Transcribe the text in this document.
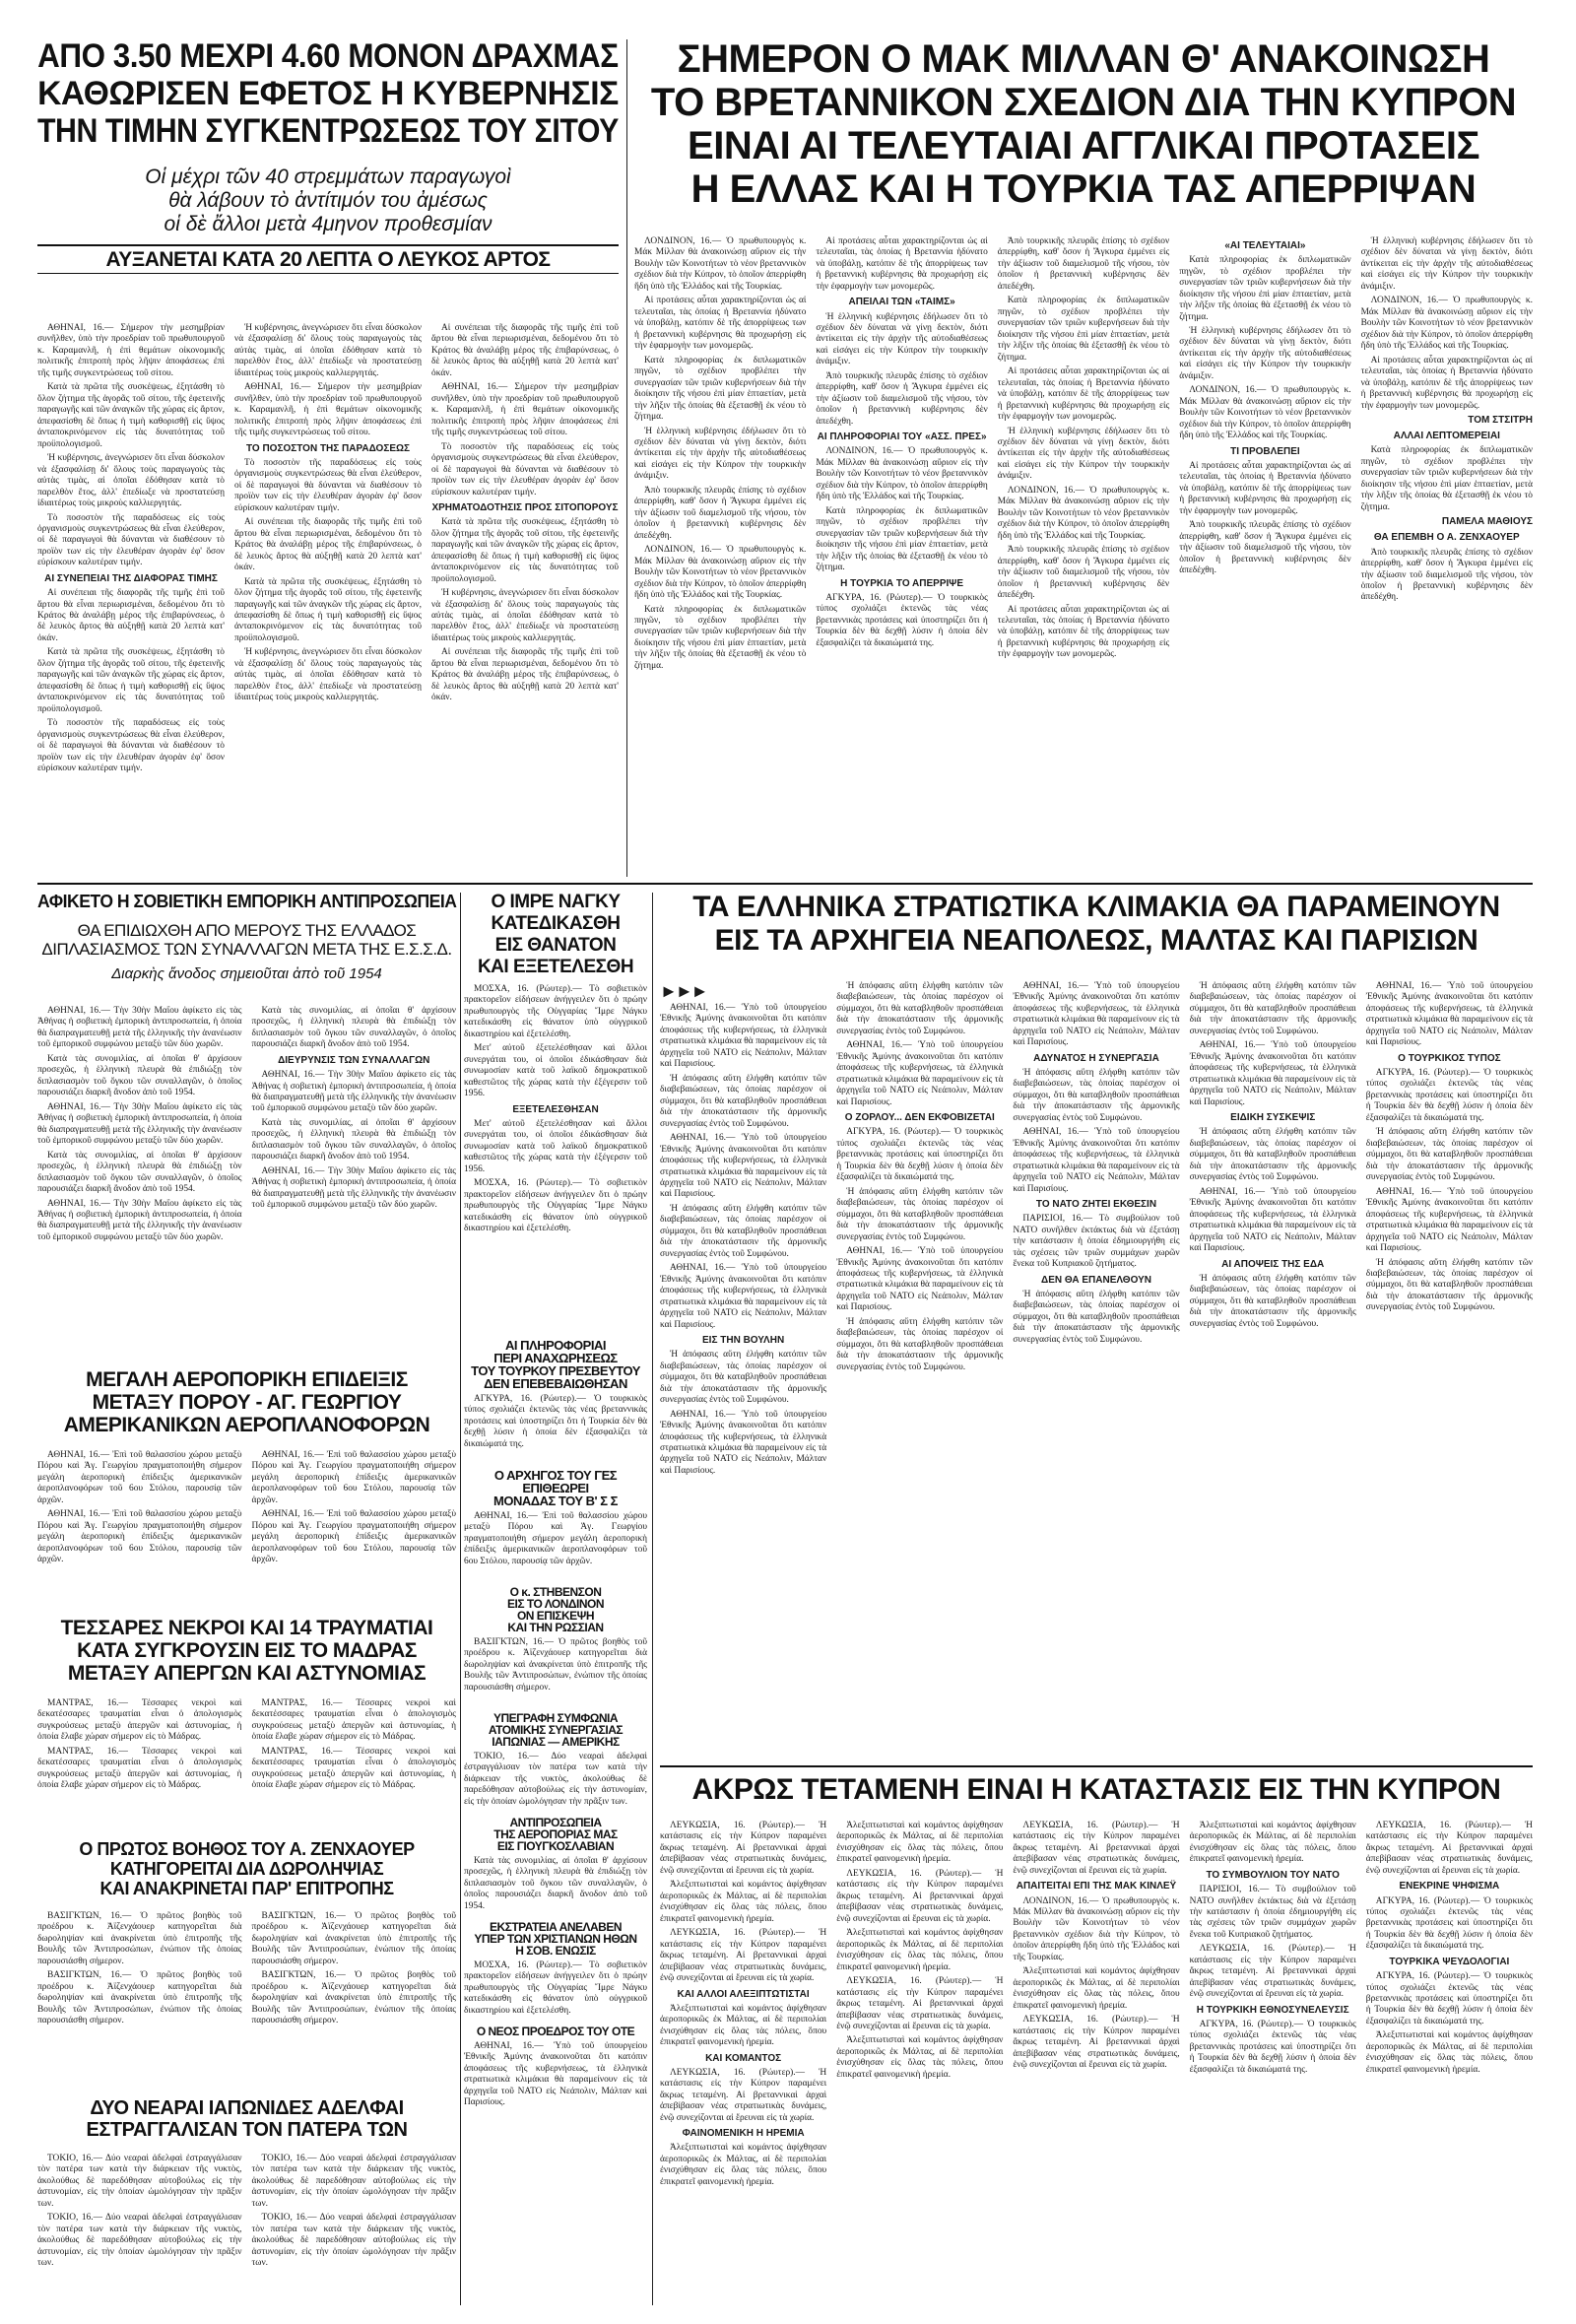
ΑΠΟ 3.50 ΜΕΧΡΙ 4.60 ΜΟΝΟΝ ΔΡΑΧΜΑΣ
ΚΑΘΩΡΙΣΕΝ ΕΦΕΤΟΣ Η ΚΥΒΕΡΝΗΣΙΣ
ΤΗΝ ΤΙΜΗΝ ΣΥΓΚΕΝΤΡΩΣΕΩΣ ΤΟΥ ΣΙΤΟΥ
Οἱ μέχρι τῶν 40 στρεμμάτων παραγωγοὶ
θὰ λάβουν τὸ ἀντίτιμόν του ἀμέσως
οἱ δὲ ἄλλοι μετὰ 4μηνον προθεσμίαν
ΑΥΞΑΝΕΤΑΙ ΚΑΤΑ 20 ΛΕΠΤΑ Ο ΛΕΥΚΟΣ ΑΡΤΟΣ

ΑΘΗΝΑΙ, 16.— Σήμερον τὴν μεσημβρίαν συνῆλθεν, ὑπὸ τὴν προεδρίαν τοῦ πρωθυπουργοῦ κ. Καραμανλῆ, ἡ ἐπὶ θεμάτων οἰκονομικῆς πολιτικῆς ἐπιτροπὴ πρὸς λῆψιν ἀποφάσεως ἐπὶ τῆς τιμῆς συγκεντρώσεως τοῦ σίτου.

Κατὰ τὰ πρῶτα τῆς συσκέψεως, ἐξητάσθη τὸ ὅλον ζήτημα τῆς ἀγορᾶς τοῦ σίτου, τῆς ἐφετεινῆς παραγωγῆς καὶ τῶν ἀναγκῶν τῆς χώρας εἰς ἄρτον, ἀπεφασίσθη δὲ ὅπως ἡ τιμὴ καθορισθῇ εἰς ὕψος ἀνταποκρινόμενον εἰς τὰς δυνατότητας τοῦ προϋπολογισμοῦ.

Ἡ κυβέρνησις, ἀνεγνώρισεν ὅτι εἶναι δύσκολον νὰ ἐξασφαλίσῃ δι' ὅλους τοὺς παραγωγοὺς τὰς αὐτὰς τιμὰς, αἱ ὁποῖαι ἐδόθησαν κατὰ τὸ παρελθὸν ἔτος, ἀλλ' ἐπεδίωξε νὰ προστατεύσῃ ἰδιαιτέρως τοὺς μικροὺς καλλιεργητάς.

Τὸ ποσοστὸν τῆς παραδόσεως εἰς τοὺς ὀργανισμοὺς συγκεντρώσεως θὰ εἶναι ἐλεύθερον, οἱ δὲ παραγωγοὶ θὰ δύνανται νὰ διαθέσουν τὸ προϊὸν των εἰς τὴν ἐλευθέραν ἀγορὰν ἐφ' ὅσον εὑρίσκουν καλυτέραν τιμήν.

ΑΙ ΣΥΝΕΠΕΙΑΙ ΤΗΣ ΔΙΑΦΟΡΑΣ ΤΙΜΗΣ

Αἱ συνέπειαι τῆς διαφορᾶς τῆς τιμῆς ἐπὶ τοῦ ἄρτου θὰ εἶναι περιωρισμέναι, δεδομένου ὅτι τὸ Κράτος θὰ ἀναλάβῃ μέρος τῆς ἐπιβαρύνσεως, ὁ δὲ λευκὸς ἄρτος θὰ αὐξηθῇ κατὰ 20 λεπτὰ κατ' ὀκάν.

Κατὰ τὰ πρῶτα τῆς συσκέψεως, ἐξητάσθη τὸ ὅλον ζήτημα τῆς ἀγορᾶς τοῦ σίτου, τῆς ἐφετεινῆς παραγωγῆς καὶ τῶν ἀναγκῶν τῆς χώρας εἰς ἄρτον, ἀπεφασίσθη δὲ ὅπως ἡ τιμὴ καθορισθῇ εἰς ὕψος ἀνταποκρινόμενον εἰς τὰς δυνατότητας τοῦ προϋπολογισμοῦ.

Τὸ ποσοστὸν τῆς παραδόσεως εἰς τοὺς ὀργανισμοὺς συγκεντρώσεως θὰ εἶναι ἐλεύθερον, οἱ δὲ παραγωγοὶ θὰ δύνανται νὰ διαθέσουν τὸ προϊὸν των εἰς τὴν ἐλευθέραν ἀγορὰν ἐφ' ὅσον εὑρίσκουν καλυτέραν τιμήν.

Ἡ κυβέρνησις, ἀνεγνώρισεν ὅτι εἶναι δύσκολον νὰ ἐξασφαλίσῃ δι' ὅλους τοὺς παραγωγοὺς τὰς αὐτὰς τιμὰς, αἱ ὁποῖαι ἐδόθησαν κατὰ τὸ παρελθὸν ἔτος, ἀλλ' ἐπεδίωξε νὰ προστατεύσῃ ἰδιαιτέρως τοὺς μικροὺς καλλιεργητάς.

ΑΘΗΝΑΙ, 16.— Σήμερον τὴν μεσημβρίαν συνῆλθεν, ὑπὸ τὴν προεδρίαν τοῦ πρωθυπουργοῦ κ. Καραμανλῆ, ἡ ἐπὶ θεμάτων οἰκονομικῆς πολιτικῆς ἐπιτροπὴ πρὸς λῆψιν ἀποφάσεως ἐπὶ τῆς τιμῆς συγκεντρώσεως τοῦ σίτου.

ΤΟ ΠΟΣΟΣΤΟΝ ΤΗΣ ΠΑΡΑΔΟΣΕΩΣ

Τὸ ποσοστὸν τῆς παραδόσεως εἰς τοὺς ὀργανισμοὺς συγκεντρώσεως θὰ εἶναι ἐλεύθερον, οἱ δὲ παραγωγοὶ θὰ δύνανται νὰ διαθέσουν τὸ προϊὸν των εἰς τὴν ἐλευθέραν ἀγορὰν ἐφ' ὅσον εὑρίσκουν καλυτέραν τιμήν.

Αἱ συνέπειαι τῆς διαφορᾶς τῆς τιμῆς ἐπὶ τοῦ ἄρτου θὰ εἶναι περιωρισμέναι, δεδομένου ὅτι τὸ Κράτος θὰ ἀναλάβῃ μέρος τῆς ἐπιβαρύνσεως, ὁ δὲ λευκὸς ἄρτος θὰ αὐξηθῇ κατὰ 20 λεπτὰ κατ' ὀκάν.

Κατὰ τὰ πρῶτα τῆς συσκέψεως, ἐξητάσθη τὸ ὅλον ζήτημα τῆς ἀγορᾶς τοῦ σίτου, τῆς ἐφετεινῆς παραγωγῆς καὶ τῶν ἀναγκῶν τῆς χώρας εἰς ἄρτον, ἀπεφασίσθη δὲ ὅπως ἡ τιμὴ καθορισθῇ εἰς ὕψος ἀνταποκρινόμενον εἰς τὰς δυνατότητας τοῦ προϋπολογισμοῦ.

Ἡ κυβέρνησις, ἀνεγνώρισεν ὅτι εἶναι δύσκολον νὰ ἐξασφαλίσῃ δι' ὅλους τοὺς παραγωγοὺς τὰς αὐτὰς τιμὰς, αἱ ὁποῖαι ἐδόθησαν κατὰ τὸ παρελθὸν ἔτος, ἀλλ' ἐπεδίωξε νὰ προστατεύσῃ ἰδιαιτέρως τοὺς μικροὺς καλλιεργητάς.

Αἱ συνέπειαι τῆς διαφορᾶς τῆς τιμῆς ἐπὶ τοῦ ἄρτου θὰ εἶναι περιωρισμέναι, δεδομένου ὅτι τὸ Κράτος θὰ ἀναλάβῃ μέρος τῆς ἐπιβαρύνσεως, ὁ δὲ λευκὸς ἄρτος θὰ αὐξηθῇ κατὰ 20 λεπτὰ κατ' ὀκάν.

ΑΘΗΝΑΙ, 16.— Σήμερον τὴν μεσημβρίαν συνῆλθεν, ὑπὸ τὴν προεδρίαν τοῦ πρωθυπουργοῦ κ. Καραμανλῆ, ἡ ἐπὶ θεμάτων οἰκονομικῆς πολιτικῆς ἐπιτροπὴ πρὸς λῆψιν ἀποφάσεως ἐπὶ τῆς τιμῆς συγκεντρώσεως τοῦ σίτου.

Τὸ ποσοστὸν τῆς παραδόσεως εἰς τοὺς ὀργανισμοὺς συγκεντρώσεως θὰ εἶναι ἐλεύθερον, οἱ δὲ παραγωγοὶ θὰ δύνανται νὰ διαθέσουν τὸ προϊὸν των εἰς τὴν ἐλευθέραν ἀγορὰν ἐφ' ὅσον εὑρίσκουν καλυτέραν τιμήν.

ΧΡΗΜΑΤΟΔΟΤΗΣΙΣ ΠΡΟΣ ΣΙΤΟΠΟΡΟΥΣ

Κατὰ τὰ πρῶτα τῆς συσκέψεως, ἐξητάσθη τὸ ὅλον ζήτημα τῆς ἀγορᾶς τοῦ σίτου, τῆς ἐφετεινῆς παραγωγῆς καὶ τῶν ἀναγκῶν τῆς χώρας εἰς ἄρτον, ἀπεφασίσθη δὲ ὅπως ἡ τιμὴ καθορισθῇ εἰς ὕψος ἀνταποκρινόμενον εἰς τὰς δυνατότητας τοῦ προϋπολογισμοῦ.

Ἡ κυβέρνησις, ἀνεγνώρισεν ὅτι εἶναι δύσκολον νὰ ἐξασφαλίσῃ δι' ὅλους τοὺς παραγωγοὺς τὰς αὐτὰς τιμὰς, αἱ ὁποῖαι ἐδόθησαν κατὰ τὸ παρελθὸν ἔτος, ἀλλ' ἐπεδίωξε νὰ προστατεύσῃ ἰδιαιτέρως τοὺς μικροὺς καλλιεργητάς.

Αἱ συνέπειαι τῆς διαφορᾶς τῆς τιμῆς ἐπὶ τοῦ ἄρτου θὰ εἶναι περιωρισμέναι, δεδομένου ὅτι τὸ Κράτος θὰ ἀναλάβῃ μέρος τῆς ἐπιβαρύνσεως, ὁ δὲ λευκὸς ἄρτος θὰ αὐξηθῇ κατὰ 20 λεπτὰ κατ' ὀκάν.

ΣΗΜΕΡΟΝ Ο ΜΑΚ ΜΙΛΛΑΝ Θ' ΑΝΑΚΟΙΝΩΣΗ
ΤΟ ΒΡΕΤΑΝΝΙΚΟΝ ΣΧΕΔΙΟΝ ΔΙΑ ΤΗΝ ΚΥΠΡΟΝ
ΕΙΝΑΙ ΑΙ ΤΕΛΕΥΤΑΙΑΙ ΑΓΓΛΙΚΑΙ ΠΡΟΤΑΣΕΙΣ
Η ΕΛΛΑΣ ΚΑΙ Η ΤΟΥΡΚΙΑ ΤΑΣ ΑΠΕΡΡΙΨΑΝ

ΛΟΝΔΙΝΟΝ, 16.— Ὁ πρωθυπουργὸς κ. Μάκ Μίλλαν θὰ ἀνακοινώσῃ αὔριον εἰς τὴν Βουλὴν τῶν Κοινοτήτων τὸ νέον βρεταννικὸν σχέδιον διὰ τὴν Κύπρον, τὸ ὁποῖον ἀπερρίφθη ἤδη ὑπὸ τῆς Ἑλλάδος καὶ τῆς Τουρκίας.

Αἱ προτάσεις αὗται χαρακτηρίζονται ὡς αἱ τελευταῖαι, τὰς ὁποίας ἡ Βρεταννία ἠδύνατο νὰ ὑποβάλῃ, κατόπιν δὲ τῆς ἀπορρίψεως των ἡ βρεταννικὴ κυβέρνησις θὰ προχωρήσῃ εἰς τὴν ἐφαρμογὴν των μονομερῶς.

Κατὰ πληροφορίας ἐκ διπλωματικῶν πηγῶν, τὸ σχέδιον προβλέπει τὴν συνεργασίαν τῶν τριῶν κυβερνήσεων διὰ τὴν διοίκησιν τῆς νήσου ἐπὶ μίαν ἑπταετίαν, μετὰ τὴν λῆξιν τῆς ὁποίας θὰ ἐξετασθῇ ἐκ νέου τὸ ζήτημα.

Ἡ ἑλληνικὴ κυβέρνησις ἐδήλωσεν ὅτι τὸ σχέδιον δὲν δύναται νὰ γίνῃ δεκτὸν, διότι ἀντίκειται εἰς τὴν ἀρχὴν τῆς αὐτοδιαθέσεως καὶ εἰσάγει εἰς τὴν Κύπρον τὴν τουρκικὴν ἀνάμιξιν.

Ἀπὸ τουρκικῆς πλευρᾶς ἐπίσης τὸ σχέδιον ἀπερρίφθη, καθ' ὅσον ἡ Ἄγκυρα ἐμμένει εἰς τὴν ἀξίωσιν τοῦ διαμελισμοῦ τῆς νήσου, τὸν ὁποῖον ἡ βρεταννικὴ κυβέρνησις δὲν ἀπεδέχθη.

ΛΟΝΔΙΝΟΝ, 16.— Ὁ πρωθυπουργὸς κ. Μάκ Μίλλαν θὰ ἀνακοινώσῃ αὔριον εἰς τὴν Βουλὴν τῶν Κοινοτήτων τὸ νέον βρεταννικὸν σχέδιον διὰ τὴν Κύπρον, τὸ ὁποῖον ἀπερρίφθη ἤδη ὑπὸ τῆς Ἑλλάδος καὶ τῆς Τουρκίας.

Κατὰ πληροφορίας ἐκ διπλωματικῶν πηγῶν, τὸ σχέδιον προβλέπει τὴν συνεργασίαν τῶν τριῶν κυβερνήσεων διὰ τὴν διοίκησιν τῆς νήσου ἐπὶ μίαν ἑπταετίαν, μετὰ τὴν λῆξιν τῆς ὁποίας θὰ ἐξετασθῇ ἐκ νέου τὸ ζήτημα.

Αἱ προτάσεις αὗται χαρακτηρίζονται ὡς αἱ τελευταῖαι, τὰς ὁποίας ἡ Βρεταννία ἠδύνατο νὰ ὑποβάλῃ, κατόπιν δὲ τῆς ἀπορρίψεως των ἡ βρεταννικὴ κυβέρνησις θὰ προχωρήσῃ εἰς τὴν ἐφαρμογὴν των μονομερῶς.

ΑΠΕΙΛΑΙ ΤΩΝ «ΤΑΙΜΣ»

Ἡ ἑλληνικὴ κυβέρνησις ἐδήλωσεν ὅτι τὸ σχέδιον δὲν δύναται νὰ γίνῃ δεκτὸν, διότι ἀντίκειται εἰς τὴν ἀρχὴν τῆς αὐτοδιαθέσεως καὶ εἰσάγει εἰς τὴν Κύπρον τὴν τουρκικὴν ἀνάμιξιν.

Ἀπὸ τουρκικῆς πλευρᾶς ἐπίσης τὸ σχέδιον ἀπερρίφθη, καθ' ὅσον ἡ Ἄγκυρα ἐμμένει εἰς τὴν ἀξίωσιν τοῦ διαμελισμοῦ τῆς νήσου, τὸν ὁποῖον ἡ βρεταννικὴ κυβέρνησις δὲν ἀπεδέχθη.

ΑΙ ΠΛΗΡΟΦΟΡΙΑΙ ΤΟΥ «ΑΣΣ. ΠΡΕΣ»

ΛΟΝΔΙΝΟΝ, 16.— Ὁ πρωθυπουργὸς κ. Μάκ Μίλλαν θὰ ἀνακοινώσῃ αὔριον εἰς τὴν Βουλὴν τῶν Κοινοτήτων τὸ νέον βρεταννικὸν σχέδιον διὰ τὴν Κύπρον, τὸ ὁποῖον ἀπερρίφθη ἤδη ὑπὸ τῆς Ἑλλάδος καὶ τῆς Τουρκίας.

Κατὰ πληροφορίας ἐκ διπλωματικῶν πηγῶν, τὸ σχέδιον προβλέπει τὴν συνεργασίαν τῶν τριῶν κυβερνήσεων διὰ τὴν διοίκησιν τῆς νήσου ἐπὶ μίαν ἑπταετίαν, μετὰ τὴν λῆξιν τῆς ὁποίας θὰ ἐξετασθῇ ἐκ νέου τὸ ζήτημα.

Η ΤΟΥΡΚΙΑ ΤΟ ΑΠΕΡΡΙΨΕ

ΑΓΚΥΡΑ, 16. (Ρώυτερ).— Ὁ τουρκικὸς τύπος σχολιάζει ἐκτενῶς τὰς νέας βρεταννικὰς προτάσεις καὶ ὑποστηρίζει ὅτι ἡ Τουρκία δὲν θὰ δεχθῇ λύσιν ἡ ὁποία δὲν ἐξασφαλίζει τὰ δικαιώματά της.

Ἀπὸ τουρκικῆς πλευρᾶς ἐπίσης τὸ σχέδιον ἀπερρίφθη, καθ' ὅσον ἡ Ἄγκυρα ἐμμένει εἰς τὴν ἀξίωσιν τοῦ διαμελισμοῦ τῆς νήσου, τὸν ὁποῖον ἡ βρεταννικὴ κυβέρνησις δὲν ἀπεδέχθη.

Κατὰ πληροφορίας ἐκ διπλωματικῶν πηγῶν, τὸ σχέδιον προβλέπει τὴν συνεργασίαν τῶν τριῶν κυβερνήσεων διὰ τὴν διοίκησιν τῆς νήσου ἐπὶ μίαν ἑπταετίαν, μετὰ τὴν λῆξιν τῆς ὁποίας θὰ ἐξετασθῇ ἐκ νέου τὸ ζήτημα.

Αἱ προτάσεις αὗται χαρακτηρίζονται ὡς αἱ τελευταῖαι, τὰς ὁποίας ἡ Βρεταννία ἠδύνατο νὰ ὑποβάλῃ, κατόπιν δὲ τῆς ἀπορρίψεως των ἡ βρεταννικὴ κυβέρνησις θὰ προχωρήσῃ εἰς τὴν ἐφαρμογὴν των μονομερῶς.

Ἡ ἑλληνικὴ κυβέρνησις ἐδήλωσεν ὅτι τὸ σχέδιον δὲν δύναται νὰ γίνῃ δεκτὸν, διότι ἀντίκειται εἰς τὴν ἀρχὴν τῆς αὐτοδιαθέσεως καὶ εἰσάγει εἰς τὴν Κύπρον τὴν τουρκικὴν ἀνάμιξιν.

ΛΟΝΔΙΝΟΝ, 16.— Ὁ πρωθυπουργὸς κ. Μάκ Μίλλαν θὰ ἀνακοινώσῃ αὔριον εἰς τὴν Βουλὴν τῶν Κοινοτήτων τὸ νέον βρεταννικὸν σχέδιον διὰ τὴν Κύπρον, τὸ ὁποῖον ἀπερρίφθη ἤδη ὑπὸ τῆς Ἑλλάδος καὶ τῆς Τουρκίας.

Ἀπὸ τουρκικῆς πλευρᾶς ἐπίσης τὸ σχέδιον ἀπερρίφθη, καθ' ὅσον ἡ Ἄγκυρα ἐμμένει εἰς τὴν ἀξίωσιν τοῦ διαμελισμοῦ τῆς νήσου, τὸν ὁποῖον ἡ βρεταννικὴ κυβέρνησις δὲν ἀπεδέχθη.

Αἱ προτάσεις αὗται χαρακτηρίζονται ὡς αἱ τελευταῖαι, τὰς ὁποίας ἡ Βρεταννία ἠδύνατο νὰ ὑποβάλῃ, κατόπιν δὲ τῆς ἀπορρίψεως των ἡ βρεταννικὴ κυβέρνησις θὰ προχωρήσῃ εἰς τὴν ἐφαρμογὴν των μονομερῶς.

«ΑΙ ΤΕΛΕΥΤΑΙΑΙ»

Κατὰ πληροφορίας ἐκ διπλωματικῶν πηγῶν, τὸ σχέδιον προβλέπει τὴν συνεργασίαν τῶν τριῶν κυβερνήσεων διὰ τὴν διοίκησιν τῆς νήσου ἐπὶ μίαν ἑπταετίαν, μετὰ τὴν λῆξιν τῆς ὁποίας θὰ ἐξετασθῇ ἐκ νέου τὸ ζήτημα.

Ἡ ἑλληνικὴ κυβέρνησις ἐδήλωσεν ὅτι τὸ σχέδιον δὲν δύναται νὰ γίνῃ δεκτὸν, διότι ἀντίκειται εἰς τὴν ἀρχὴν τῆς αὐτοδιαθέσεως καὶ εἰσάγει εἰς τὴν Κύπρον τὴν τουρκικὴν ἀνάμιξιν.

ΛΟΝΔΙΝΟΝ, 16.— Ὁ πρωθυπουργὸς κ. Μάκ Μίλλαν θὰ ἀνακοινώσῃ αὔριον εἰς τὴν Βουλὴν τῶν Κοινοτήτων τὸ νέον βρεταννικὸν σχέδιον διὰ τὴν Κύπρον, τὸ ὁποῖον ἀπερρίφθη ἤδη ὑπὸ τῆς Ἑλλάδος καὶ τῆς Τουρκίας.

ΤΙ ΠΡΟΒΛΕΠΕΙ

Αἱ προτάσεις αὗται χαρακτηρίζονται ὡς αἱ τελευταῖαι, τὰς ὁποίας ἡ Βρεταννία ἠδύνατο νὰ ὑποβάλῃ, κατόπιν δὲ τῆς ἀπορρίψεως των ἡ βρεταννικὴ κυβέρνησις θὰ προχωρήσῃ εἰς τὴν ἐφαρμογὴν των μονομερῶς.

Ἀπὸ τουρκικῆς πλευρᾶς ἐπίσης τὸ σχέδιον ἀπερρίφθη, καθ' ὅσον ἡ Ἄγκυρα ἐμμένει εἰς τὴν ἀξίωσιν τοῦ διαμελισμοῦ τῆς νήσου, τὸν ὁποῖον ἡ βρεταννικὴ κυβέρνησις δὲν ἀπεδέχθη.

Ἡ ἑλληνικὴ κυβέρνησις ἐδήλωσεν ὅτι τὸ σχέδιον δὲν δύναται νὰ γίνῃ δεκτὸν, διότι ἀντίκειται εἰς τὴν ἀρχὴν τῆς αὐτοδιαθέσεως καὶ εἰσάγει εἰς τὴν Κύπρον τὴν τουρκικὴν ἀνάμιξιν.

ΛΟΝΔΙΝΟΝ, 16.— Ὁ πρωθυπουργὸς κ. Μάκ Μίλλαν θὰ ἀνακοινώσῃ αὔριον εἰς τὴν Βουλὴν τῶν Κοινοτήτων τὸ νέον βρεταννικὸν σχέδιον διὰ τὴν Κύπρον, τὸ ὁποῖον ἀπερρίφθη ἤδη ὑπὸ τῆς Ἑλλάδος καὶ τῆς Τουρκίας.

Αἱ προτάσεις αὗται χαρακτηρίζονται ὡς αἱ τελευταῖαι, τὰς ὁποίας ἡ Βρεταννία ἠδύνατο νὰ ὑποβάλῃ, κατόπιν δὲ τῆς ἀπορρίψεως των ἡ βρεταννικὴ κυβέρνησις θὰ προχωρήσῃ εἰς τὴν ἐφαρμογὴν των μονομερῶς.

ΤΟΜ ΣΤΣΙΤΡΗ
ΑΛΛΑΙ ΛΕΠΤΟΜΕΡΕΙΑΙ

Κατὰ πληροφορίας ἐκ διπλωματικῶν πηγῶν, τὸ σχέδιον προβλέπει τὴν συνεργασίαν τῶν τριῶν κυβερνήσεων διὰ τὴν διοίκησιν τῆς νήσου ἐπὶ μίαν ἑπταετίαν, μετὰ τὴν λῆξιν τῆς ὁποίας θὰ ἐξετασθῇ ἐκ νέου τὸ ζήτημα.

ΠΑΜΕΛΑ ΜΑΘΙΟΥΣ
ΘΑ ΕΠΕΜΒΗ Ο Α. ΖΕΝΧΑΟΥΕΡ

Ἀπὸ τουρκικῆς πλευρᾶς ἐπίσης τὸ σχέδιον ἀπερρίφθη, καθ' ὅσον ἡ Ἄγκυρα ἐμμένει εἰς τὴν ἀξίωσιν τοῦ διαμελισμοῦ τῆς νήσου, τὸν ὁποῖον ἡ βρεταννικὴ κυβέρνησις δὲν ἀπεδέχθη.

ΑΦΙΚΕΤΟ Η ΣΟΒΙΕΤΙΚΗ ΕΜΠΟΡΙΚΗ ΑΝΤΙΠΡΟΣΩΠΕΙΑ
ΘΑ ΕΠΙΔΙΩΧΘΗ ΑΠΟ ΜΕΡΟΥΣ ΤΗΣ ΕΛΛΑΔΟΣ
ΔΙΠΛΑΣΙΑΣΜΟΣ ΤΩΝ ΣΥΝΑΛΛΑΓΩΝ ΜΕΤΑ ΤΗΣ Ε.Σ.Σ.Δ.
Διαρκὴς ἄνοδος σημειοῦται ἀπὸ τοῦ 1954

ΑΘΗΝΑΙ, 16.— Τὴν 30ὴν Μαΐου ἀφίκετο εἰς τὰς Ἀθήνας ἡ σοβιετικὴ ἐμπορικὴ ἀντιπροσωπεία, ἡ ὁποία θὰ διαπραγματευθῇ μετὰ τῆς ἑλληνικῆς τὴν ἀνανέωσιν τοῦ ἐμπορικοῦ συμφώνου μεταξὺ τῶν δύο χωρῶν.

Κατὰ τὰς συνομιλίας, αἱ ὁποῖαι θ' ἀρχίσουν προσεχῶς, ἡ ἑλληνικὴ πλευρὰ θὰ ἐπιδιώξῃ τὸν διπλασιασμὸν τοῦ ὄγκου τῶν συναλλαγῶν, ὁ ὁποῖος παρουσιάζει διαρκῆ ἄνοδον ἀπὸ τοῦ 1954.

ΑΘΗΝΑΙ, 16.— Τὴν 30ὴν Μαΐου ἀφίκετο εἰς τὰς Ἀθήνας ἡ σοβιετικὴ ἐμπορικὴ ἀντιπροσωπεία, ἡ ὁποία θὰ διαπραγματευθῇ μετὰ τῆς ἑλληνικῆς τὴν ἀνανέωσιν τοῦ ἐμπορικοῦ συμφώνου μεταξὺ τῶν δύο χωρῶν.

Κατὰ τὰς συνομιλίας, αἱ ὁποῖαι θ' ἀρχίσουν προσεχῶς, ἡ ἑλληνικὴ πλευρὰ θὰ ἐπιδιώξῃ τὸν διπλασιασμὸν τοῦ ὄγκου τῶν συναλλαγῶν, ὁ ὁποῖος παρουσιάζει διαρκῆ ἄνοδον ἀπὸ τοῦ 1954.

ΑΘΗΝΑΙ, 16.— Τὴν 30ὴν Μαΐου ἀφίκετο εἰς τὰς Ἀθήνας ἡ σοβιετικὴ ἐμπορικὴ ἀντιπροσωπεία, ἡ ὁποία θὰ διαπραγματευθῇ μετὰ τῆς ἑλληνικῆς τὴν ἀνανέωσιν τοῦ ἐμπορικοῦ συμφώνου μεταξὺ τῶν δύο χωρῶν.

Κατὰ τὰς συνομιλίας, αἱ ὁποῖαι θ' ἀρχίσουν προσεχῶς, ἡ ἑλληνικὴ πλευρὰ θὰ ἐπιδιώξῃ τὸν διπλασιασμὸν τοῦ ὄγκου τῶν συναλλαγῶν, ὁ ὁποῖος παρουσιάζει διαρκῆ ἄνοδον ἀπὸ τοῦ 1954.

ΔΙΕΥΡΥΝΣΙΣ ΤΩΝ ΣΥΝΑΛΛΑΓΩΝ

ΑΘΗΝΑΙ, 16.— Τὴν 30ὴν Μαΐου ἀφίκετο εἰς τὰς Ἀθήνας ἡ σοβιετικὴ ἐμπορικὴ ἀντιπροσωπεία, ἡ ὁποία θὰ διαπραγματευθῇ μετὰ τῆς ἑλληνικῆς τὴν ἀνανέωσιν τοῦ ἐμπορικοῦ συμφώνου μεταξὺ τῶν δύο χωρῶν.

Κατὰ τὰς συνομιλίας, αἱ ὁποῖαι θ' ἀρχίσουν προσεχῶς, ἡ ἑλληνικὴ πλευρὰ θὰ ἐπιδιώξῃ τὸν διπλασιασμὸν τοῦ ὄγκου τῶν συναλλαγῶν, ὁ ὁποῖος παρουσιάζει διαρκῆ ἄνοδον ἀπὸ τοῦ 1954.

ΑΘΗΝΑΙ, 16.— Τὴν 30ὴν Μαΐου ἀφίκετο εἰς τὰς Ἀθήνας ἡ σοβιετικὴ ἐμπορικὴ ἀντιπροσωπεία, ἡ ὁποία θὰ διαπραγματευθῇ μετὰ τῆς ἑλληνικῆς τὴν ἀνανέωσιν τοῦ ἐμπορικοῦ συμφώνου μεταξὺ τῶν δύο χωρῶν.

Ο ΙΜΡΕ ΝΑΓΚΥ
ΚΑΤΕΔΙΚΑΣΘΗ
ΕΙΣ ΘΑΝΑΤΟΝ
ΚΑΙ ΕΞΕΤΕΛΕΣΘΗ

ΜΟΣΧΑ, 16. (Ρώυτερ).— Τὸ σοβιετικὸν πρακτορεῖον εἰδήσεων ἀνήγγειλεν ὅτι ὁ πρώην πρωθυπουργὸς τῆς Οὑγγαρίας Ἴμρε Νάγκυ κατεδικάσθη εἰς θάνατον ὑπὸ οὑγγρικοῦ δικαστηρίου καὶ ἐξετελέσθη.

Μετ' αὐτοῦ ἐξετελέσθησαν καὶ ἄλλοι συνεργάται του, οἱ ὁποῖοι ἐδικάσθησαν διὰ συνωμοσίαν κατὰ τοῦ λαϊκοῦ δημοκρατικοῦ καθεστῶτος τῆς χώρας κατὰ τὴν ἐξέγερσιν τοῦ 1956.

ΕΞΕΤΕΛΕΣΘΗΣΑΝ

Μετ' αὐτοῦ ἐξετελέσθησαν καὶ ἄλλοι συνεργάται του, οἱ ὁποῖοι ἐδικάσθησαν διὰ συνωμοσίαν κατὰ τοῦ λαϊκοῦ δημοκρατικοῦ καθεστῶτος τῆς χώρας κατὰ τὴν ἐξέγερσιν τοῦ 1956.

ΜΟΣΧΑ, 16. (Ρώυτερ).— Τὸ σοβιετικὸν πρακτορεῖον εἰδήσεων ἀνήγγειλεν ὅτι ὁ πρώην πρωθυπουργὸς τῆς Οὑγγαρίας Ἴμρε Νάγκυ κατεδικάσθη εἰς θάνατον ὑπὸ οὑγγρικοῦ δικαστηρίου καὶ ἐξετελέσθη.

ΑΙ ΠΛΗΡΟΦΟΡΙΑΙ
ΠΕΡΙ ΑΝΑΧΩΡΗΣΕΩΣ
ΤΟΥ ΤΟΥΡΚΟΥ ΠΡΕΣΒΕΥΤΟΥ
ΔΕΝ ΕΠΕΒΕΒΑΙΩΘΗΣΑΝ

ΑΓΚΥΡΑ, 16. (Ρώυτερ).— Ὁ τουρκικὸς τύπος σχολιάζει ἐκτενῶς τὰς νέας βρεταννικὰς προτάσεις καὶ ὑποστηρίζει ὅτι ἡ Τουρκία δὲν θὰ δεχθῇ λύσιν ἡ ὁποία δὲν ἐξασφαλίζει τὰ δικαιώματά της.

Ο ΑΡΧΗΓΟΣ ΤΟΥ ΓΕΣ
ΕΠΙΘΕΩΡΕΙ
ΜΟΝΑΔΑΣ ΤΟΥ Β' Σ Σ

ΑΘΗΝΑΙ, 16.— Ἐπὶ τοῦ θαλασσίου χώρου μεταξὺ Πόρου καὶ Ἁγ. Γεωργίου πραγματοποιήθη σήμερον μεγάλη ἀεροπορικὴ ἐπίδειξις ἀμερικανικῶν ἀεροπλανοφόρων τοῦ 6ου Στόλου, παρουσίᾳ τῶν ἀρχῶν.

Ο κ. ΣΤΗΒΕΝΣΟΝ
ΕΙΣ ΤΟ ΛΟΝΔΙΝΟΝ
ΟΝ ΕΠΙΣΚΕΨΗ
ΚΑΙ ΤΗΝ ΡΩΣΣΙΑΝ

ΒΑΣΙΓΚΤΩΝ, 16.— Ὁ πρῶτος βοηθὸς τοῦ προέδρου κ. Ἀϊζενχάουερ κατηγορεῖται διὰ δωροληψίαν καὶ ἀνακρίνεται ὑπὸ ἐπιτροπῆς τῆς Βουλῆς τῶν Ἀντιπροσώπων, ἐνώπιον τῆς ὁποίας παρουσιάσθη σήμερον.

ΥΠΕΓΡΑΦΗ ΣΥΜΦΩΝΙΑ
ΑΤΟΜΙΚΗΣ ΣΥΝΕΡΓΑΣΙΑΣ
ΙΑΠΩΝΙΑΣ — ΑΜΕΡΙΚΗΣ

ΤΟΚΙΟ, 16.— Δύο νεαραὶ ἀδελφαὶ ἐστραγγάλισαν τὸν πατέρα των κατὰ τὴν διάρκειαν τῆς νυκτὸς, ἀκολούθως δὲ παρεδόθησαν αὐτοβούλως εἰς τὴν ἀστυνομίαν, εἰς τὴν ὁποίαν ὡμολόγησαν τὴν πρᾶξιν των.

ΑΝΤΙΠΡΟΣΩΠΕΙΑ
ΤΗΣ ΑΕΡΟΠΟΡΙΑΣ ΜΑΣ
ΕΙΣ ΓΙΟΥΓΚΟΣΛΑΒΙΑΝ

Κατὰ τὰς συνομιλίας, αἱ ὁποῖαι θ' ἀρχίσουν προσεχῶς, ἡ ἑλληνικὴ πλευρὰ θὰ ἐπιδιώξῃ τὸν διπλασιασμὸν τοῦ ὄγκου τῶν συναλλαγῶν, ὁ ὁποῖος παρουσιάζει διαρκῆ ἄνοδον ἀπὸ τοῦ 1954.

ΕΚΣΤΡΑΤΕΙΑ ΑΝΕΛΑΒΕΝ
ΥΠΕΡ ΤΩΝ ΧΡΙΣΤΙΑΝΩΝ ΗΘΩΝ
Η ΣΟΒ. ΕΝΩΣΙΣ

ΜΟΣΧΑ, 16. (Ρώυτερ).— Τὸ σοβιετικὸν πρακτορεῖον εἰδήσεων ἀνήγγειλεν ὅτι ὁ πρώην πρωθυπουργὸς τῆς Οὑγγαρίας Ἴμρε Νάγκυ κατεδικάσθη εἰς θάνατον ὑπὸ οὑγγρικοῦ δικαστηρίου καὶ ἐξετελέσθη.

Ο ΝΕΟΣ ΠΡΟΕΔΡΟΣ ΤΟΥ ΟΤΕ

ΑΘΗΝΑΙ, 16.— Ὑπὸ τοῦ ὑπουργείου Ἐθνικῆς Ἀμύνης ἀνακοινοῦται ὅτι κατόπιν ἀποφάσεως τῆς κυβερνήσεως, τὰ ἑλληνικὰ στρατιωτικὰ κλιμάκια θὰ παραμείνουν εἰς τὰ ἀρχηγεῖα τοῦ ΝΑΤΟ εἰς Νεάπολιν, Μάλταν καὶ Παρισίους.

ΜΕΓΑΛΗ ΑΕΡΟΠΟΡΙΚΗ ΕΠΙΔΕΙΞΙΣ
ΜΕΤΑΞΥ ΠΟΡΟΥ - ΑΓ. ΓΕΩΡΓΙΟΥ
ΑΜΕΡΙΚΑΝΙΚΩΝ ΑΕΡΟΠΛΑΝΟΦΟΡΩΝ

ΑΘΗΝΑΙ, 16.— Ἐπὶ τοῦ θαλασσίου χώρου μεταξὺ Πόρου καὶ Ἁγ. Γεωργίου πραγματοποιήθη σήμερον μεγάλη ἀεροπορικὴ ἐπίδειξις ἀμερικανικῶν ἀεροπλανοφόρων τοῦ 6ου Στόλου, παρουσίᾳ τῶν ἀρχῶν.

ΑΘΗΝΑΙ, 16.— Ἐπὶ τοῦ θαλασσίου χώρου μεταξὺ Πόρου καὶ Ἁγ. Γεωργίου πραγματοποιήθη σήμερον μεγάλη ἀεροπορικὴ ἐπίδειξις ἀμερικανικῶν ἀεροπλανοφόρων τοῦ 6ου Στόλου, παρουσίᾳ τῶν ἀρχῶν.

ΑΘΗΝΑΙ, 16.— Ἐπὶ τοῦ θαλασσίου χώρου μεταξὺ Πόρου καὶ Ἁγ. Γεωργίου πραγματοποιήθη σήμερον μεγάλη ἀεροπορικὴ ἐπίδειξις ἀμερικανικῶν ἀεροπλανοφόρων τοῦ 6ου Στόλου, παρουσίᾳ τῶν ἀρχῶν.

ΑΘΗΝΑΙ, 16.— Ἐπὶ τοῦ θαλασσίου χώρου μεταξὺ Πόρου καὶ Ἁγ. Γεωργίου πραγματοποιήθη σήμερον μεγάλη ἀεροπορικὴ ἐπίδειξις ἀμερικανικῶν ἀεροπλανοφόρων τοῦ 6ου Στόλου, παρουσίᾳ τῶν ἀρχῶν.

ΤΕΣΣΑΡΕΣ ΝΕΚΡΟΙ ΚΑΙ 14 ΤΡΑΥΜΑΤΙΑΙ
ΚΑΤΑ ΣΥΓΚΡΟΥΣΙΝ ΕΙΣ ΤΟ ΜΑΔΡΑΣ
ΜΕΤΑΞΥ ΑΠΕΡΓΩΝ ΚΑΙ ΑΣΤΥΝΟΜΙΑΣ

ΜΑΝΤΡΑΣ, 16.— Τέσσαρες νεκροὶ καὶ δεκατέσσαρες τραυματίαι εἶναι ὁ ἀπολογισμὸς συγκρούσεως μεταξὺ ἀπεργῶν καὶ ἀστυνομίας, ἡ ὁποία ἔλαβε χώραν σήμερον εἰς τὸ Μάδρας.

ΜΑΝΤΡΑΣ, 16.— Τέσσαρες νεκροὶ καὶ δεκατέσσαρες τραυματίαι εἶναι ὁ ἀπολογισμὸς συγκρούσεως μεταξὺ ἀπεργῶν καὶ ἀστυνομίας, ἡ ὁποία ἔλαβε χώραν σήμερον εἰς τὸ Μάδρας.

ΜΑΝΤΡΑΣ, 16.— Τέσσαρες νεκροὶ καὶ δεκατέσσαρες τραυματίαι εἶναι ὁ ἀπολογισμὸς συγκρούσεως μεταξὺ ἀπεργῶν καὶ ἀστυνομίας, ἡ ὁποία ἔλαβε χώραν σήμερον εἰς τὸ Μάδρας.

ΜΑΝΤΡΑΣ, 16.— Τέσσαρες νεκροὶ καὶ δεκατέσσαρες τραυματίαι εἶναι ὁ ἀπολογισμὸς συγκρούσεως μεταξὺ ἀπεργῶν καὶ ἀστυνομίας, ἡ ὁποία ἔλαβε χώραν σήμερον εἰς τὸ Μάδρας.

Ο ΠΡΩΤΟΣ ΒΟΗΘΟΣ ΤΟΥ Α. ΖΕΝΧΑΟΥΕΡ
ΚΑΤΗΓΟΡΕΙΤΑΙ ΔΙΑ ΔΩΡΟΛΗΨΙΑΣ
ΚΑΙ ΑΝΑΚΡΙΝΕΤΑΙ ΠΑΡ' ΕΠΙΤΡΟΠΗΣ

ΒΑΣΙΓΚΤΩΝ, 16.— Ὁ πρῶτος βοηθὸς τοῦ προέδρου κ. Ἀϊζενχάουερ κατηγορεῖται διὰ δωροληψίαν καὶ ἀνακρίνεται ὑπὸ ἐπιτροπῆς τῆς Βουλῆς τῶν Ἀντιπροσώπων, ἐνώπιον τῆς ὁποίας παρουσιάσθη σήμερον.

ΒΑΣΙΓΚΤΩΝ, 16.— Ὁ πρῶτος βοηθὸς τοῦ προέδρου κ. Ἀϊζενχάουερ κατηγορεῖται διὰ δωροληψίαν καὶ ἀνακρίνεται ὑπὸ ἐπιτροπῆς τῆς Βουλῆς τῶν Ἀντιπροσώπων, ἐνώπιον τῆς ὁποίας παρουσιάσθη σήμερον.

ΒΑΣΙΓΚΤΩΝ, 16.— Ὁ πρῶτος βοηθὸς τοῦ προέδρου κ. Ἀϊζενχάουερ κατηγορεῖται διὰ δωροληψίαν καὶ ἀνακρίνεται ὑπὸ ἐπιτροπῆς τῆς Βουλῆς τῶν Ἀντιπροσώπων, ἐνώπιον τῆς ὁποίας παρουσιάσθη σήμερον.

ΒΑΣΙΓΚΤΩΝ, 16.— Ὁ πρῶτος βοηθὸς τοῦ προέδρου κ. Ἀϊζενχάουερ κατηγορεῖται διὰ δωροληψίαν καὶ ἀνακρίνεται ὑπὸ ἐπιτροπῆς τῆς Βουλῆς τῶν Ἀντιπροσώπων, ἐνώπιον τῆς ὁποίας παρουσιάσθη σήμερον.

ΔΥΟ ΝΕΑΡΑΙ ΙΑΠΩΝΙΔΕΣ ΑΔΕΛΦΑΙ
ΕΣΤΡΑΓΓΑΛΙΣΑΝ ΤΟΝ ΠΑΤΕΡΑ ΤΩΝ

ΤΟΚΙΟ, 16.— Δύο νεαραὶ ἀδελφαὶ ἐστραγγάλισαν τὸν πατέρα των κατὰ τὴν διάρκειαν τῆς νυκτὸς, ἀκολούθως δὲ παρεδόθησαν αὐτοβούλως εἰς τὴν ἀστυνομίαν, εἰς τὴν ὁποίαν ὡμολόγησαν τὴν πρᾶξιν των.

ΤΟΚΙΟ, 16.— Δύο νεαραὶ ἀδελφαὶ ἐστραγγάλισαν τὸν πατέρα των κατὰ τὴν διάρκειαν τῆς νυκτὸς, ἀκολούθως δὲ παρεδόθησαν αὐτοβούλως εἰς τὴν ἀστυνομίαν, εἰς τὴν ὁποίαν ὡμολόγησαν τὴν πρᾶξιν των.

ΤΟΚΙΟ, 16.— Δύο νεαραὶ ἀδελφαὶ ἐστραγγάλισαν τὸν πατέρα των κατὰ τὴν διάρκειαν τῆς νυκτὸς, ἀκολούθως δὲ παρεδόθησαν αὐτοβούλως εἰς τὴν ἀστυνομίαν, εἰς τὴν ὁποίαν ὡμολόγησαν τὴν πρᾶξιν των.

ΤΟΚΙΟ, 16.— Δύο νεαραὶ ἀδελφαὶ ἐστραγγάλισαν τὸν πατέρα των κατὰ τὴν διάρκειαν τῆς νυκτὸς, ἀκολούθως δὲ παρεδόθησαν αὐτοβούλως εἰς τὴν ἀστυνομίαν, εἰς τὴν ὁποίαν ὡμολόγησαν τὴν πρᾶξιν των.

ΤΑ ΕΛΛΗΝΙΚΑ ΣΤΡΑΤΙΩΤΙΚΑ ΚΛΙΜΑΚΙΑ ΘΑ ΠΑΡΑΜΕΙΝΟΥΝ
ΕΙΣ ΤΑ ΑΡΧΗΓΕΙΑ ΝΕΑΠΟΛΕΩΣ, ΜΑΛΤΑΣ ΚΑΙ ΠΑΡΙΣΙΩΝ
►►►

ΑΘΗΝΑΙ, 16.— Ὑπὸ τοῦ ὑπουργείου Ἐθνικῆς Ἀμύνης ἀνακοινοῦται ὅτι κατόπιν ἀποφάσεως τῆς κυβερνήσεως, τὰ ἑλληνικὰ στρατιωτικὰ κλιμάκια θὰ παραμείνουν εἰς τὰ ἀρχηγεῖα τοῦ ΝΑΤΟ εἰς Νεάπολιν, Μάλταν καὶ Παρισίους.

Ἡ ἀπόφασις αὕτη ἐλήφθη κατόπιν τῶν διαβεβαιώσεων, τὰς ὁποίας παρέσχον οἱ σύμμαχοι, ὅτι θὰ καταβληθοῦν προσπάθειαι διὰ τὴν ἀποκατάστασιν τῆς ἀρμονικῆς συνεργασίας ἐντὸς τοῦ Συμφώνου.

ΑΘΗΝΑΙ, 16.— Ὑπὸ τοῦ ὑπουργείου Ἐθνικῆς Ἀμύνης ἀνακοινοῦται ὅτι κατόπιν ἀποφάσεως τῆς κυβερνήσεως, τὰ ἑλληνικὰ στρατιωτικὰ κλιμάκια θὰ παραμείνουν εἰς τὰ ἀρχηγεῖα τοῦ ΝΑΤΟ εἰς Νεάπολιν, Μάλταν καὶ Παρισίους.

Ἡ ἀπόφασις αὕτη ἐλήφθη κατόπιν τῶν διαβεβαιώσεων, τὰς ὁποίας παρέσχον οἱ σύμμαχοι, ὅτι θὰ καταβληθοῦν προσπάθειαι διὰ τὴν ἀποκατάστασιν τῆς ἀρμονικῆς συνεργασίας ἐντὸς τοῦ Συμφώνου.

ΑΘΗΝΑΙ, 16.— Ὑπὸ τοῦ ὑπουργείου Ἐθνικῆς Ἀμύνης ἀνακοινοῦται ὅτι κατόπιν ἀποφάσεως τῆς κυβερνήσεως, τὰ ἑλληνικὰ στρατιωτικὰ κλιμάκια θὰ παραμείνουν εἰς τὰ ἀρχηγεῖα τοῦ ΝΑΤΟ εἰς Νεάπολιν, Μάλταν καὶ Παρισίους.

ΕΙΣ ΤΗΝ ΒΟΥΛΗΝ

Ἡ ἀπόφασις αὕτη ἐλήφθη κατόπιν τῶν διαβεβαιώσεων, τὰς ὁποίας παρέσχον οἱ σύμμαχοι, ὅτι θὰ καταβληθοῦν προσπάθειαι διὰ τὴν ἀποκατάστασιν τῆς ἀρμονικῆς συνεργασίας ἐντὸς τοῦ Συμφώνου.

ΑΘΗΝΑΙ, 16.— Ὑπὸ τοῦ ὑπουργείου Ἐθνικῆς Ἀμύνης ἀνακοινοῦται ὅτι κατόπιν ἀποφάσεως τῆς κυβερνήσεως, τὰ ἑλληνικὰ στρατιωτικὰ κλιμάκια θὰ παραμείνουν εἰς τὰ ἀρχηγεῖα τοῦ ΝΑΤΟ εἰς Νεάπολιν, Μάλταν καὶ Παρισίους.

Ἡ ἀπόφασις αὕτη ἐλήφθη κατόπιν τῶν διαβεβαιώσεων, τὰς ὁποίας παρέσχον οἱ σύμμαχοι, ὅτι θὰ καταβληθοῦν προσπάθειαι διὰ τὴν ἀποκατάστασιν τῆς ἀρμονικῆς συνεργασίας ἐντὸς τοῦ Συμφώνου.

ΑΘΗΝΑΙ, 16.— Ὑπὸ τοῦ ὑπουργείου Ἐθνικῆς Ἀμύνης ἀνακοινοῦται ὅτι κατόπιν ἀποφάσεως τῆς κυβερνήσεως, τὰ ἑλληνικὰ στρατιωτικὰ κλιμάκια θὰ παραμείνουν εἰς τὰ ἀρχηγεῖα τοῦ ΝΑΤΟ εἰς Νεάπολιν, Μάλταν καὶ Παρισίους.

Ο ΖΟΡΛΟΥ... ΔΕΝ ΕΚΦΟΒΙΖΕΤΑΙ

ΑΓΚΥΡΑ, 16. (Ρώυτερ).— Ὁ τουρκικὸς τύπος σχολιάζει ἐκτενῶς τὰς νέας βρεταννικὰς προτάσεις καὶ ὑποστηρίζει ὅτι ἡ Τουρκία δὲν θὰ δεχθῇ λύσιν ἡ ὁποία δὲν ἐξασφαλίζει τὰ δικαιώματά της.

Ἡ ἀπόφασις αὕτη ἐλήφθη κατόπιν τῶν διαβεβαιώσεων, τὰς ὁποίας παρέσχον οἱ σύμμαχοι, ὅτι θὰ καταβληθοῦν προσπάθειαι διὰ τὴν ἀποκατάστασιν τῆς ἀρμονικῆς συνεργασίας ἐντὸς τοῦ Συμφώνου.

ΑΘΗΝΑΙ, 16.— Ὑπὸ τοῦ ὑπουργείου Ἐθνικῆς Ἀμύνης ἀνακοινοῦται ὅτι κατόπιν ἀποφάσεως τῆς κυβερνήσεως, τὰ ἑλληνικὰ στρατιωτικὰ κλιμάκια θὰ παραμείνουν εἰς τὰ ἀρχηγεῖα τοῦ ΝΑΤΟ εἰς Νεάπολιν, Μάλταν καὶ Παρισίους.

Ἡ ἀπόφασις αὕτη ἐλήφθη κατόπιν τῶν διαβεβαιώσεων, τὰς ὁποίας παρέσχον οἱ σύμμαχοι, ὅτι θὰ καταβληθοῦν προσπάθειαι διὰ τὴν ἀποκατάστασιν τῆς ἀρμονικῆς συνεργασίας ἐντὸς τοῦ Συμφώνου.

ΑΘΗΝΑΙ, 16.— Ὑπὸ τοῦ ὑπουργείου Ἐθνικῆς Ἀμύνης ἀνακοινοῦται ὅτι κατόπιν ἀποφάσεως τῆς κυβερνήσεως, τὰ ἑλληνικὰ στρατιωτικὰ κλιμάκια θὰ παραμείνουν εἰς τὰ ἀρχηγεῖα τοῦ ΝΑΤΟ εἰς Νεάπολιν, Μάλταν καὶ Παρισίους.

ΑΔΥΝΑΤΟΣ Η ΣΥΝΕΡΓΑΣΙΑ

Ἡ ἀπόφασις αὕτη ἐλήφθη κατόπιν τῶν διαβεβαιώσεων, τὰς ὁποίας παρέσχον οἱ σύμμαχοι, ὅτι θὰ καταβληθοῦν προσπάθειαι διὰ τὴν ἀποκατάστασιν τῆς ἀρμονικῆς συνεργασίας ἐντὸς τοῦ Συμφώνου.

ΑΘΗΝΑΙ, 16.— Ὑπὸ τοῦ ὑπουργείου Ἐθνικῆς Ἀμύνης ἀνακοινοῦται ὅτι κατόπιν ἀποφάσεως τῆς κυβερνήσεως, τὰ ἑλληνικὰ στρατιωτικὰ κλιμάκια θὰ παραμείνουν εἰς τὰ ἀρχηγεῖα τοῦ ΝΑΤΟ εἰς Νεάπολιν, Μάλταν καὶ Παρισίους.

ΤΟ ΝΑΤΟ ΖΗΤΕΙ ΕΚΘΕΣΙΝ

ΠΑΡΙΣΙΟΙ, 16.— Τὸ συμβούλιον τοῦ ΝΑΤΟ συνῆλθεν ἐκτάκτως διὰ νὰ ἐξετάσῃ τὴν κατάστασιν ἡ ὁποία ἐδημιουργήθη εἰς τὰς σχέσεις τῶν τριῶν συμμάχων χωρῶν ἕνεκα τοῦ Κυπριακοῦ ζητήματος.

ΔΕΝ ΘΑ ΕΠΑΝΕΛΘΟΥΝ

Ἡ ἀπόφασις αὕτη ἐλήφθη κατόπιν τῶν διαβεβαιώσεων, τὰς ὁποίας παρέσχον οἱ σύμμαχοι, ὅτι θὰ καταβληθοῦν προσπάθειαι διὰ τὴν ἀποκατάστασιν τῆς ἀρμονικῆς συνεργασίας ἐντὸς τοῦ Συμφώνου.

Ἡ ἀπόφασις αὕτη ἐλήφθη κατόπιν τῶν διαβεβαιώσεων, τὰς ὁποίας παρέσχον οἱ σύμμαχοι, ὅτι θὰ καταβληθοῦν προσπάθειαι διὰ τὴν ἀποκατάστασιν τῆς ἀρμονικῆς συνεργασίας ἐντὸς τοῦ Συμφώνου.

ΑΘΗΝΑΙ, 16.— Ὑπὸ τοῦ ὑπουργείου Ἐθνικῆς Ἀμύνης ἀνακοινοῦται ὅτι κατόπιν ἀποφάσεως τῆς κυβερνήσεως, τὰ ἑλληνικὰ στρατιωτικὰ κλιμάκια θὰ παραμείνουν εἰς τὰ ἀρχηγεῖα τοῦ ΝΑΤΟ εἰς Νεάπολιν, Μάλταν καὶ Παρισίους.

ΕΙΔΙΚΗ ΣΥΣΚΕΨΙΣ

Ἡ ἀπόφασις αὕτη ἐλήφθη κατόπιν τῶν διαβεβαιώσεων, τὰς ὁποίας παρέσχον οἱ σύμμαχοι, ὅτι θὰ καταβληθοῦν προσπάθειαι διὰ τὴν ἀποκατάστασιν τῆς ἀρμονικῆς συνεργασίας ἐντὸς τοῦ Συμφώνου.

ΑΘΗΝΑΙ, 16.— Ὑπὸ τοῦ ὑπουργείου Ἐθνικῆς Ἀμύνης ἀνακοινοῦται ὅτι κατόπιν ἀποφάσεως τῆς κυβερνήσεως, τὰ ἑλληνικὰ στρατιωτικὰ κλιμάκια θὰ παραμείνουν εἰς τὰ ἀρχηγεῖα τοῦ ΝΑΤΟ εἰς Νεάπολιν, Μάλταν καὶ Παρισίους.

ΑΙ ΑΠΟΨΕΙΣ ΤΗΣ ΕΔΑ

Ἡ ἀπόφασις αὕτη ἐλήφθη κατόπιν τῶν διαβεβαιώσεων, τὰς ὁποίας παρέσχον οἱ σύμμαχοι, ὅτι θὰ καταβληθοῦν προσπάθειαι διὰ τὴν ἀποκατάστασιν τῆς ἀρμονικῆς συνεργασίας ἐντὸς τοῦ Συμφώνου.

ΑΘΗΝΑΙ, 16.— Ὑπὸ τοῦ ὑπουργείου Ἐθνικῆς Ἀμύνης ἀνακοινοῦται ὅτι κατόπιν ἀποφάσεως τῆς κυβερνήσεως, τὰ ἑλληνικὰ στρατιωτικὰ κλιμάκια θὰ παραμείνουν εἰς τὰ ἀρχηγεῖα τοῦ ΝΑΤΟ εἰς Νεάπολιν, Μάλταν καὶ Παρισίους.

Ο ΤΟΥΡΚΙΚΟΣ ΤΥΠΟΣ

ΑΓΚΥΡΑ, 16. (Ρώυτερ).— Ὁ τουρκικὸς τύπος σχολιάζει ἐκτενῶς τὰς νέας βρεταννικὰς προτάσεις καὶ ὑποστηρίζει ὅτι ἡ Τουρκία δὲν θὰ δεχθῇ λύσιν ἡ ὁποία δὲν ἐξασφαλίζει τὰ δικαιώματά της.

Ἡ ἀπόφασις αὕτη ἐλήφθη κατόπιν τῶν διαβεβαιώσεων, τὰς ὁποίας παρέσχον οἱ σύμμαχοι, ὅτι θὰ καταβληθοῦν προσπάθειαι διὰ τὴν ἀποκατάστασιν τῆς ἀρμονικῆς συνεργασίας ἐντὸς τοῦ Συμφώνου.

ΑΘΗΝΑΙ, 16.— Ὑπὸ τοῦ ὑπουργείου Ἐθνικῆς Ἀμύνης ἀνακοινοῦται ὅτι κατόπιν ἀποφάσεως τῆς κυβερνήσεως, τὰ ἑλληνικὰ στρατιωτικὰ κλιμάκια θὰ παραμείνουν εἰς τὰ ἀρχηγεῖα τοῦ ΝΑΤΟ εἰς Νεάπολιν, Μάλταν καὶ Παρισίους.

Ἡ ἀπόφασις αὕτη ἐλήφθη κατόπιν τῶν διαβεβαιώσεων, τὰς ὁποίας παρέσχον οἱ σύμμαχοι, ὅτι θὰ καταβληθοῦν προσπάθειαι διὰ τὴν ἀποκατάστασιν τῆς ἀρμονικῆς συνεργασίας ἐντὸς τοῦ Συμφώνου.

ΑΚΡΩΣ ΤΕΤΑΜΕΝΗ ΕΙΝΑΙ Η ΚΑΤΑΣΤΑΣΙΣ ΕΙΣ ΤΗΝ ΚΥΠΡΟΝ

ΛΕΥΚΩΣΙΑ, 16. (Ρώυτερ).— Ἡ κατάστασις εἰς τὴν Κύπρον παραμένει ἄκρως τεταμένη. Αἱ βρεταννικαὶ ἀρχαὶ ἀπεβίβασαν νέας στρατιωτικὰς δυνάμεις, ἐνῷ συνεχίζονται αἱ ἔρευναι εἰς τὰ χωρία.

Ἀλεξιπτωτισταὶ καὶ κομάντος ἀφίχθησαν ἀεροπορικῶς ἐκ Μάλτας, αἱ δὲ περιπολίαι ἐνισχύθησαν εἰς ὅλας τὰς πόλεις, ὅπου ἐπικρατεῖ φαινομενικὴ ἠρεμία.

ΛΕΥΚΩΣΙΑ, 16. (Ρώυτερ).— Ἡ κατάστασις εἰς τὴν Κύπρον παραμένει ἄκρως τεταμένη. Αἱ βρεταννικαὶ ἀρχαὶ ἀπεβίβασαν νέας στρατιωτικὰς δυνάμεις, ἐνῷ συνεχίζονται αἱ ἔρευναι εἰς τὰ χωρία.

ΚΑΙ ΑΛΛΟΙ ΑΛΕΞΙΠΤΩΤΙΣΤΑΙ

Ἀλεξιπτωτισταὶ καὶ κομάντος ἀφίχθησαν ἀεροπορικῶς ἐκ Μάλτας, αἱ δὲ περιπολίαι ἐνισχύθησαν εἰς ὅλας τὰς πόλεις, ὅπου ἐπικρατεῖ φαινομενικὴ ἠρεμία.

ΚΑΙ ΚΟΜΑΝΤΟΣ

ΛΕΥΚΩΣΙΑ, 16. (Ρώυτερ).— Ἡ κατάστασις εἰς τὴν Κύπρον παραμένει ἄκρως τεταμένη. Αἱ βρεταννικαὶ ἀρχαὶ ἀπεβίβασαν νέας στρατιωτικὰς δυνάμεις, ἐνῷ συνεχίζονται αἱ ἔρευναι εἰς τὰ χωρία.

ΦΑΙΝΟΜΕΝΙΚΗ Η ΗΡΕΜΙΑ

Ἀλεξιπτωτισταὶ καὶ κομάντος ἀφίχθησαν ἀεροπορικῶς ἐκ Μάλτας, αἱ δὲ περιπολίαι ἐνισχύθησαν εἰς ὅλας τὰς πόλεις, ὅπου ἐπικρατεῖ φαινομενικὴ ἠρεμία.

Ἀλεξιπτωτισταὶ καὶ κομάντος ἀφίχθησαν ἀεροπορικῶς ἐκ Μάλτας, αἱ δὲ περιπολίαι ἐνισχύθησαν εἰς ὅλας τὰς πόλεις, ὅπου ἐπικρατεῖ φαινομενικὴ ἠρεμία.

ΛΕΥΚΩΣΙΑ, 16. (Ρώυτερ).— Ἡ κατάστασις εἰς τὴν Κύπρον παραμένει ἄκρως τεταμένη. Αἱ βρεταννικαὶ ἀρχαὶ ἀπεβίβασαν νέας στρατιωτικὰς δυνάμεις, ἐνῷ συνεχίζονται αἱ ἔρευναι εἰς τὰ χωρία.

Ἀλεξιπτωτισταὶ καὶ κομάντος ἀφίχθησαν ἀεροπορικῶς ἐκ Μάλτας, αἱ δὲ περιπολίαι ἐνισχύθησαν εἰς ὅλας τὰς πόλεις, ὅπου ἐπικρατεῖ φαινομενικὴ ἠρεμία.

ΛΕΥΚΩΣΙΑ, 16. (Ρώυτερ).— Ἡ κατάστασις εἰς τὴν Κύπρον παραμένει ἄκρως τεταμένη. Αἱ βρεταννικαὶ ἀρχαὶ ἀπεβίβασαν νέας στρατιωτικὰς δυνάμεις, ἐνῷ συνεχίζονται αἱ ἔρευναι εἰς τὰ χωρία.

Ἀλεξιπτωτισταὶ καὶ κομάντος ἀφίχθησαν ἀεροπορικῶς ἐκ Μάλτας, αἱ δὲ περιπολίαι ἐνισχύθησαν εἰς ὅλας τὰς πόλεις, ὅπου ἐπικρατεῖ φαινομενικὴ ἠρεμία.

ΛΕΥΚΩΣΙΑ, 16. (Ρώυτερ).— Ἡ κατάστασις εἰς τὴν Κύπρον παραμένει ἄκρως τεταμένη. Αἱ βρεταννικαὶ ἀρχαὶ ἀπεβίβασαν νέας στρατιωτικὰς δυνάμεις, ἐνῷ συνεχίζονται αἱ ἔρευναι εἰς τὰ χωρία.

ΑΠΑΙΤΕΙΤΑΙ ΕΠΙ ΤΗΣ ΜΑΚ ΚΙΝΛΕΫ

ΛΟΝΔΙΝΟΝ, 16.— Ὁ πρωθυπουργὸς κ. Μάκ Μίλλαν θὰ ἀνακοινώσῃ αὔριον εἰς τὴν Βουλὴν τῶν Κοινοτήτων τὸ νέον βρεταννικὸν σχέδιον διὰ τὴν Κύπρον, τὸ ὁποῖον ἀπερρίφθη ἤδη ὑπὸ τῆς Ἑλλάδος καὶ τῆς Τουρκίας.

Ἀλεξιπτωτισταὶ καὶ κομάντος ἀφίχθησαν ἀεροπορικῶς ἐκ Μάλτας, αἱ δὲ περιπολίαι ἐνισχύθησαν εἰς ὅλας τὰς πόλεις, ὅπου ἐπικρατεῖ φαινομενικὴ ἠρεμία.

ΛΕΥΚΩΣΙΑ, 16. (Ρώυτερ).— Ἡ κατάστασις εἰς τὴν Κύπρον παραμένει ἄκρως τεταμένη. Αἱ βρεταννικαὶ ἀρχαὶ ἀπεβίβασαν νέας στρατιωτικὰς δυνάμεις, ἐνῷ συνεχίζονται αἱ ἔρευναι εἰς τὰ χωρία.

Ἀλεξιπτωτισταὶ καὶ κομάντος ἀφίχθησαν ἀεροπορικῶς ἐκ Μάλτας, αἱ δὲ περιπολίαι ἐνισχύθησαν εἰς ὅλας τὰς πόλεις, ὅπου ἐπικρατεῖ φαινομενικὴ ἠρεμία.

ΤΟ ΣΥΜΒΟΥΛΙΟΝ ΤΟΥ ΝΑΤΟ

ΠΑΡΙΣΙΟΙ, 16.— Τὸ συμβούλιον τοῦ ΝΑΤΟ συνῆλθεν ἐκτάκτως διὰ νὰ ἐξετάσῃ τὴν κατάστασιν ἡ ὁποία ἐδημιουργήθη εἰς τὰς σχέσεις τῶν τριῶν συμμάχων χωρῶν ἕνεκα τοῦ Κυπριακοῦ ζητήματος.

ΛΕΥΚΩΣΙΑ, 16. (Ρώυτερ).— Ἡ κατάστασις εἰς τὴν Κύπρον παραμένει ἄκρως τεταμένη. Αἱ βρεταννικαὶ ἀρχαὶ ἀπεβίβασαν νέας στρατιωτικὰς δυνάμεις, ἐνῷ συνεχίζονται αἱ ἔρευναι εἰς τὰ χωρία.

Η ΤΟΥΡΚΙΚΗ ΕΘΝΟΣΥΝΕΛΕΥΣΙΣ

ΑΓΚΥΡΑ, 16. (Ρώυτερ).— Ὁ τουρκικὸς τύπος σχολιάζει ἐκτενῶς τὰς νέας βρεταννικὰς προτάσεις καὶ ὑποστηρίζει ὅτι ἡ Τουρκία δὲν θὰ δεχθῇ λύσιν ἡ ὁποία δὲν ἐξασφαλίζει τὰ δικαιώματά της.

ΛΕΥΚΩΣΙΑ, 16. (Ρώυτερ).— Ἡ κατάστασις εἰς τὴν Κύπρον παραμένει ἄκρως τεταμένη. Αἱ βρεταννικαὶ ἀρχαὶ ἀπεβίβασαν νέας στρατιωτικὰς δυνάμεις, ἐνῷ συνεχίζονται αἱ ἔρευναι εἰς τὰ χωρία.

ΕΝΕΚΡΙΝΕ ΨΗΦΙΣΜΑ

ΑΓΚΥΡΑ, 16. (Ρώυτερ).— Ὁ τουρκικὸς τύπος σχολιάζει ἐκτενῶς τὰς νέας βρεταννικὰς προτάσεις καὶ ὑποστηρίζει ὅτι ἡ Τουρκία δὲν θὰ δεχθῇ λύσιν ἡ ὁποία δὲν ἐξασφαλίζει τὰ δικαιώματά της.

ΤΟΥΡΚΙΚΑ ΨΕΥΔΟΛΟΓΙΑΙ

ΑΓΚΥΡΑ, 16. (Ρώυτερ).— Ὁ τουρκικὸς τύπος σχολιάζει ἐκτενῶς τὰς νέας βρεταννικὰς προτάσεις καὶ ὑποστηρίζει ὅτι ἡ Τουρκία δὲν θὰ δεχθῇ λύσιν ἡ ὁποία δὲν ἐξασφαλίζει τὰ δικαιώματά της.

Ἀλεξιπτωτισταὶ καὶ κομάντος ἀφίχθησαν ἀεροπορικῶς ἐκ Μάλτας, αἱ δὲ περιπολίαι ἐνισχύθησαν εἰς ὅλας τὰς πόλεις, ὅπου ἐπικρατεῖ φαινομενικὴ ἠρεμία.
